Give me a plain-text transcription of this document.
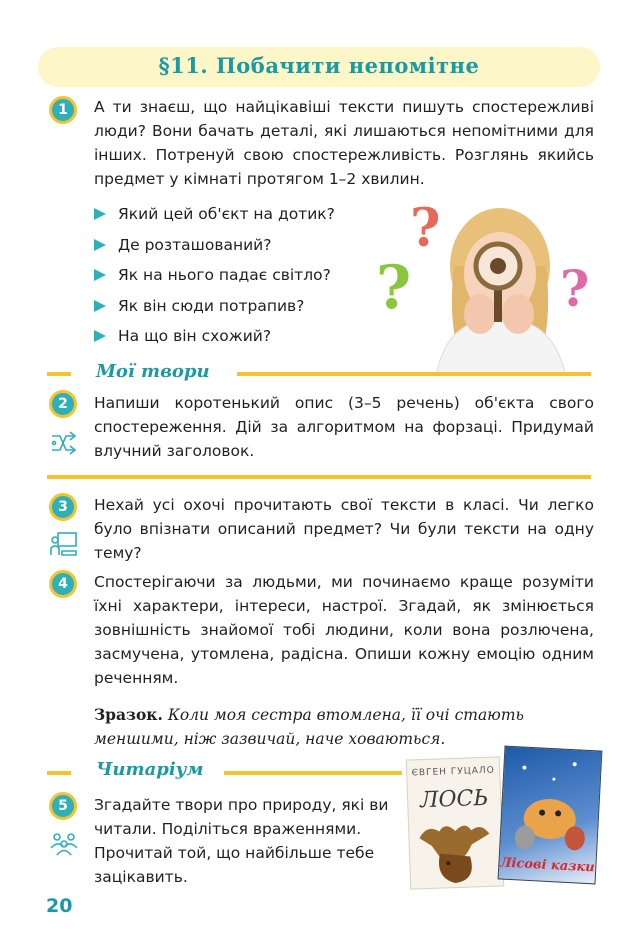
§11. Побачити непомітне
1	А ти знаєш, що найцікавіші тексти пишуть спостережливі люди? Вони бачать деталі, які лишаються непомітними для інших. Потренуй свою спостережливість. Розглянь якийсь предмет у кімнаті протягом 1–2 хвилин.

Який цей об'єкт на дотик?
Де розташований?
Як на нього падає світло?
Як він сюди потрапив?
На що він схожий?
?
?	?
Мої твори
2	Напиши коротенький опис (3–5 речень) об'єкта свого спостереження. Дій за алгоритмом на форзаці. Придумай влучний заголовок.

3	Нехай усі охочі прочитають свої тексти в класі. Чи легко було впізнати описаний предмет? Чи були тексти на одну тему?

4	Спостерігаючи за людьми, ми починаємо краще розуміти їхні характери, інтереси, настрої. Згадай, як змінюється зовнішність знайомої тобі людини, коли вона розлючена, засмучена, утомлена, радісна. Опиши кожну емоцію одним реченням.

Зразок. Коли моя сестра втомлена, її очі стають меншими, ніж зазвичай, наче ховаються.

Читаріум
5	Згадайте твори про природу, які ви читали. Поділіться враженнями. Прочитай той, що найбільше тебе зацікавить.

ЄВГЕН ГУЦАЛО
ЛОСЬ
Лісові казки
20
